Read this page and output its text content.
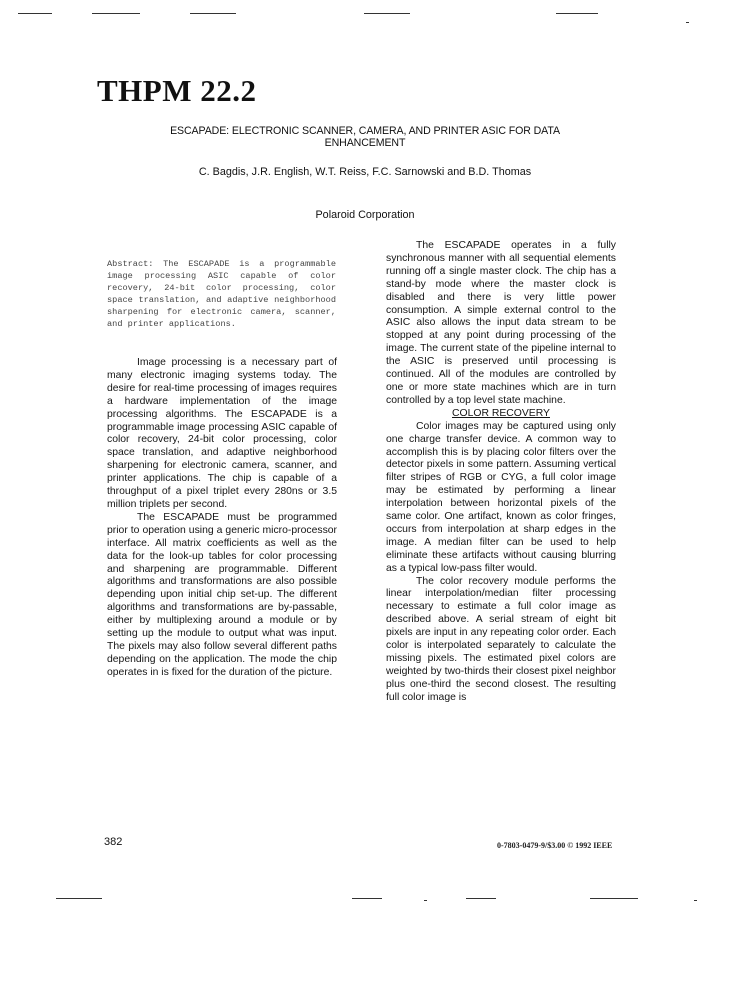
THPM 22.2

ESCAPADE: ELECTRONIC SCANNER, CAMERA, AND PRINTER ASIC FOR DATA ENHANCEMENT

C. Bagdis, J.R. English, W.T. Reiss, F.C. Sarnowski and B.D. Thomas

Polaroid Corporation

Abstract: The ESCAPADE is a programmable image processing ASIC capable of color recovery, 24-bit color processing, color space translation, and adaptive neighborhood sharpening for electronic camera, scanner, and printer applications.

Image processing is a necessary part of many electronic imaging systems today. The desire for real-time processing of images requires a hardware implementation of the image processing algorithms. The ESCAPADE is a programmable image processing ASIC capable of color recovery, 24-bit color processing, color space translation, and adaptive neighborhood sharpening for electronic camera, scanner, and printer applications. The chip is capable of a throughput of a pixel triplet every 280ns or 3.5 million triplets per second.

The ESCAPADE must be programmed prior to operation using a generic micro-processor interface. All matrix coefficients as well as the data for the look-up tables for color processing and sharpening are programmable. Different algorithms and transformations are also possible depending upon initial chip set-up. The different algorithms and transformations are by-passable, either by multiplexing around a module or by setting up the module to output what was input. The pixels may also follow several different paths depending on the application. The mode the chip operates in is fixed for the duration of the picture.

The ESCAPADE operates in a fully synchronous manner with all sequential elements running off a single master clock. The chip has a stand-by mode where the master clock is disabled and there is very little power consumption. A simple external control to the ASIC also allows the input data stream to be stopped at any point during processing of the image. The current state of the pipeline internal to the ASIC is preserved until processing is continued. All of the modules are controlled by one or more state machines which are in turn controlled by a top level state machine.

COLOR RECOVERY

Color images may be captured using only one charge transfer device. A common way to accomplish this is by placing color filters over the detector pixels in some pattern. Assuming vertical filter stripes of RGB or CYG, a full color image may be estimated by performing a linear interpolation between horizontal pixels of the same color. One artifact, known as color fringes, occurs from interpolation at sharp edges in the image. A median filter can be used to help eliminate these artifacts without causing blurring as a typical low-pass filter would.

The color recovery module performs the linear interpolation/median filter processing necessary to estimate a full color image as described above. A serial stream of eight bit pixels are input in any repeating color order. Each color is interpolated separately to calculate the missing pixels. The estimated pixel colors are weighted by two-thirds their closest pixel neighbor plus one-third the second closest. The resulting full color image is

382	0-7803-0479-9/$3.00 © 1992 IEEE
